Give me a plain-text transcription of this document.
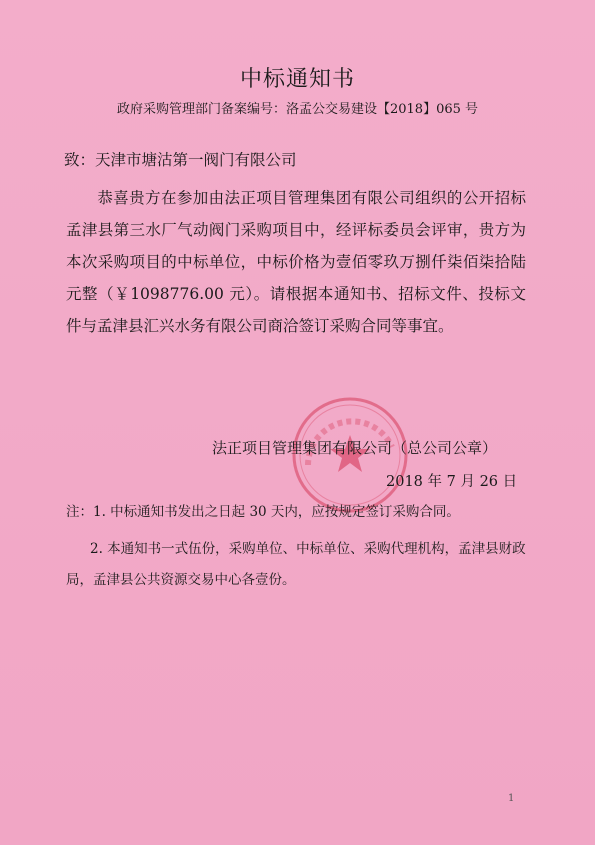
中标通知书
政府采购管理部门备案编号：洛孟公交易建设【2018】065 号
致：天津市塘沽第一阀门有限公司
恭喜贵方在参加由法正项目管理集团有限公司组织的公开招标孟津县第三水厂气动阀门采购项目中，经评标委员会评审，贵方为本次采购项目的中标单位，中标价格为壹佰零玖万捌仟柒佰柒拾陆元整（￥1098776.00 元）。请根据本通知书、招标文件、投标文件与孟津县汇兴水务有限公司商洽签订采购合同等事宜。
法正项目管理集团有限公司（总公司公章）
2018 年 7 月 26 日
注：1. 中标通知书发出之日起 30 天内，应按规定签订采购合同。
2. 本通知书一式伍份，采购单位、中标单位、采购代理机构，孟津县财政局，孟津县公共资源交易中心各壹份。
1
